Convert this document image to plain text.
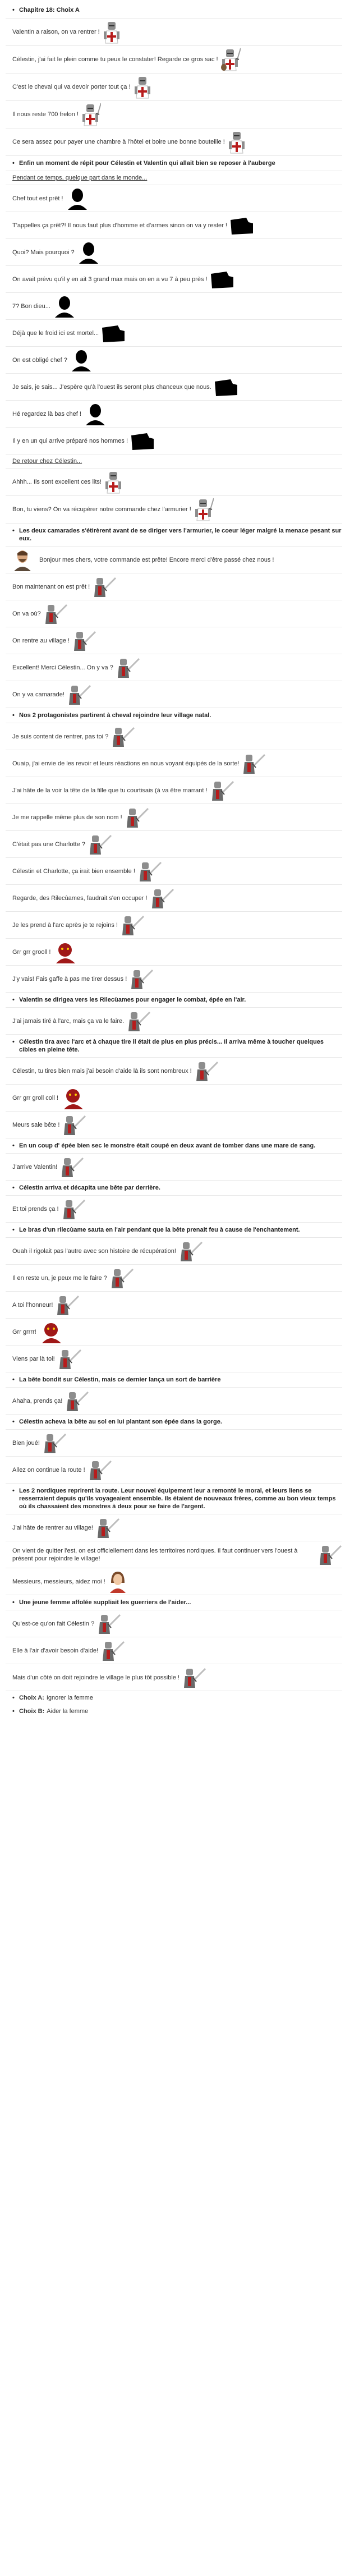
• Chapitre 18: Choix A
Valentin a raison, on va rentrer !
Célestin, j'ai fait le plein comme tu peux le constater! Regarde ce gros sac !
C'est le cheval qui va devoir porter tout ça !
Il nous reste 700 frelon !
Ce sera assez pour payer une chambre à l'hôtel et boire une bonne bouteille !
• Enfin un moment de répit pour Célestin et Valentin qui allait bien se reposer à l'auberge
Pendant ce temps, quelque part dans le monde...
Chef tout est prêt !
T'appelles ça prêt?! Il nous faut plus d'homme et d'armes sinon on va y rester !
Quoi? Mais pourquoi ?
On avait prévu qu'il y en ait 3 grand max mais on en a vu 7 à peu près !
7? Bon dieu...
Déjà que le froid ici est mortel...
On est obligé chef ?
Je sais, je sais... J'espère qu'à l'ouest ils seront plus chanceux que nous.
Hé regardez là bas chef !
Il y en un qui arrive préparé nos hommes !
De retour chez Célestin...
Ahhh... Ils sont excellent ces lits!
Bon, tu viens? On va récupérer notre commande chez l'armurier !
• Les deux camarades s'étirèrent avant de se diriger vers l'armurier, le coeur léger malgré la menace pesant sur eux.
Bonjour mes chers, votre commande est prête! Encore merci d'être passé chez nous !
Bon maintenant on est prêt !
On va où?
On rentre au village !
Excellent! Merci Célestin... On y va ?
On y va camarade!
• Nos 2 protagonistes partirent à cheval rejoindre leur village natal.
Je suis content de rentrer, pas toi ?
Ouaip, j'ai envie de les revoir et leurs réactions en nous voyant équipés de la sorte!
J'ai hâte de la voir la tête de la fille que tu courtisais (à va être marrant !
Je me rappelle même plus de son nom !
C'était pas une Charlotte ?
Célestin et Charlotte, ça irait bien ensemble !
Regarde, des Rilecùames, faudrait s'en occuper !
Je les prend à l'arc après je te rejoins !
Grr grr grooll !
J'y vais! Fais gaffe à pas me tirer dessus !
• Valentin se dirigea vers les Rilecùames pour engager le combat, épée en l'air.
J'ai jamais tiré à l'arc, mais ça va le faire.
• Célestin tira avec l'arc et à chaque tire il était de plus en plus précis... Il arriva même à toucher quelques cibles en pleine tête.
Célestin, tu tires bien mais j'ai besoin d'aide là ils sont nombreux !
Grr grr groll coll !
Meurs sale bête !
• En un coup d' épée bien sec le monstre était coupé en deux avant de tomber dans une mare de sang.
J'arrive Valentin!
• Célestin arriva et décapita une bête par derrière.
Et toi prends ça !
• Le bras d'un rilecùame sauta en l'air pendant que la bête prenait feu à cause de l'enchantement.
Ouah il rigolait pas l'autre avec son histoire de récupération!
Il en reste un, je peux me le faire ?
A toi l'honneur!
Grr grrrr!
Viens par là toi!
• La bête bondit sur Célestin, mais ce dernier lança un sort de barrière
Ahaha, prends ça!
• Célestin acheva la bête au sol en lui plantant son épée dans la gorge.
Bien joué!
Allez on continue la route !
• Les 2 nordiques reprirent la route. Leur nouvel équipement leur a remonté le moral, et leurs liens se resserraient depuis qu'ils voyageaient ensemble. Ils étaient de nouveaux frères, comme au bon vieux temps où ils chassaient des monstres à deux pour se faire de l'argent.
J'ai hâte de rentrer au village!
On vient de quitter l'est, on est officiellement dans les territoires nordiques. Il faut continuer vers l'ouest à présent pour rejoindre le village!
Messieurs, messieurs, aidez moi !
• Une jeune femme affolée suppliait les guerriers de l'aider...
Qu'est-ce qu'on fait Célestin ?
Elle à l'air d'avoir besoin d'aide!
Mais d'un côté on doit rejoindre le village le plus tôt possible !
• Choix A: Ignorer la femme
• Choix B: Aider la femme
